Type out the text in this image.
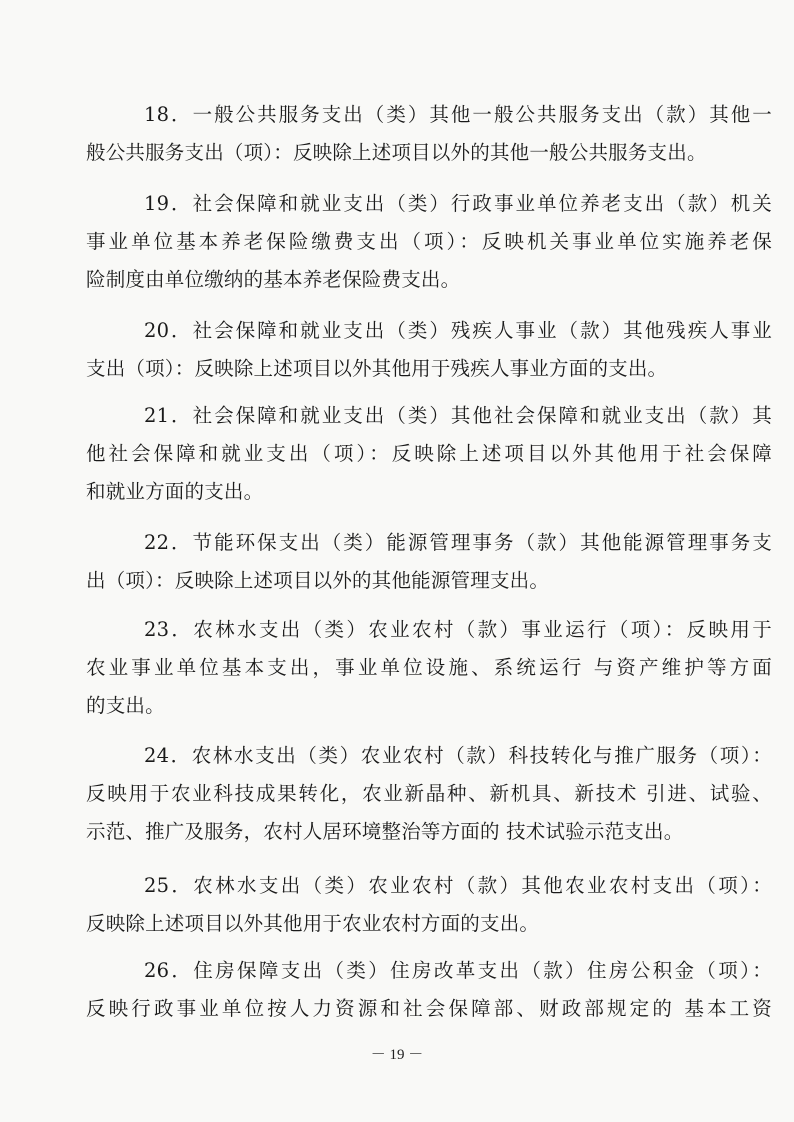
18．一般公共服务支出（类）其他一般公共服务支出（款）其他一
般公共服务支出（项）：反映除上述项目以外的其他一般公共服务支出。
19．社会保障和就业支出（类）行政事业单位养老支出（款）机关
事业单位基本养老保险缴费支出（项）：反映机关事业单位实施养老保
险制度由单位缴纳的基本养老保险费支出。
20．社会保障和就业支出（类）残疾人事业（款）其他残疾人事业
支出（项）：反映除上述项目以外其他用于残疾人事业方面的支出。
21．社会保障和就业支出（类）其他社会保障和就业支出（款）其
他社会保障和就业支出（项）：反映除上述项目以外其他用于社会保障
和就业方面的支出。
22．节能环保支出（类）能源管理事务（款）其他能源管理事务支
出（项）：反映除上述项目以外的其他能源管理支出。
23．农林水支出（类）农业农村（款）事业运行（项）：反映用于
农业事业单位基本支出，事业单位设施、系统运行 与资产维护等方面
的支出。
24．农林水支出（类）农业农村（款）科技转化与推广服务（项）：
反映用于农业科技成果转化，农业新晶种、新机具、新技术 引进、试验、
示范、推广及服务，农村人居环境整治等方面的 技术试验示范支出。
25．农林水支出（类）农业农村（款）其他农业农村支出（项）：
反映除上述项目以外其他用于农业农村方面的支出。
26．住房保障支出（类）住房改革支出（款）住房公积金（项）：
反映行政事业单位按人力资源和社会保障部、财政部规定的 基本工资
－ 19 －
